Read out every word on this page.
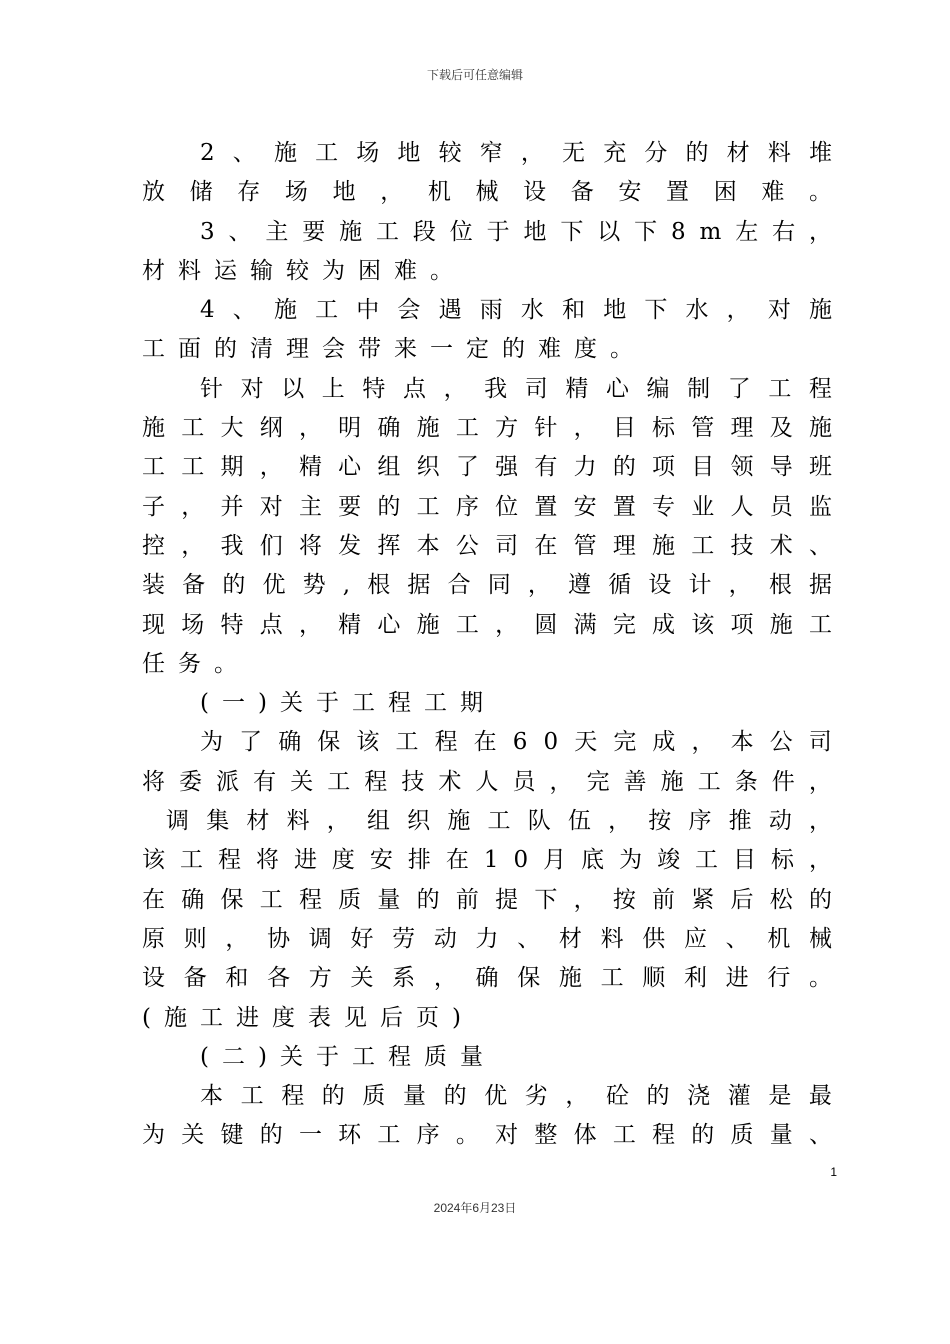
下载后可任意编辑
2 、 施 工 场 地 较 窄 ， 无 充 分 的 材 料 堆
放 储 存 场 地 ， 机 械 设 备 安 置 困 难 。
3 、 主 要 施 工 段 位 于 地 下 以 下 8 m 左 右 ，
材 料 运 输 较 为 困 难 。
4 、 施 工 中 会 遇 雨 水 和 地 下 水 ， 对 施
工 面 的 清 理 会 带 来 一 定 的 难 度 。
针 对 以 上 特 点 ， 我 司 精 心 编 制 了 工 程
施 工 大 纲 ， 明 确 施 工 方 针 ， 目 标 管 理 及 施
工 工 期 ， 精 心 组 织 了 强 有 力 的 项 目 领 导 班
子 ， 并 对 主 要 的 工 序 位 置 安 置 专 业 人 员 监
控 ， 我 们 将 发 挥 本 公 司 在 管 理 施 工 技 术 、
装 备 的 优 势 , 根 据 合 同 ， 遵 循 设 计 ， 根 据
现 场 特 点 ， 精 心 施 工 ， 圆 满 完 成 该 项 施 工
任 务 。
( 一 ) 关 于 工 程 工 期
为 了 确 保 该 工 程 在 6 0 天 完 成 ， 本 公 司
将 委 派 有 关 工 程 技 术 人 员 ， 完 善 施 工 条 件 ，
调 集 材 料 ， 组 织 施 工 队 伍 ， 按 序 推 动 ，
该 工 程 将 进 度 安 排 在 1 0 月 底 为 竣 工 目 标 ，
在 确 保 工 程 质 量 的 前 提 下 ， 按 前 紧 后 松 的
原 则 ， 协 调 好 劳 动 力 、 材 料 供 应 、 机 械
设 备 和 各 方 关 系 ， 确 保 施 工 顺 利 进 行 。
( 施 工 进 度 表 见 后 页 )
( 二 ) 关 于 工 程 质 量
本 工 程 的 质 量 的 优 劣 ， 砼 的 浇 灌 是 最
为 关 键 的 一 环 工 序 。 对 整 体 工 程 的 质 量 、
1
2024年6月23日
